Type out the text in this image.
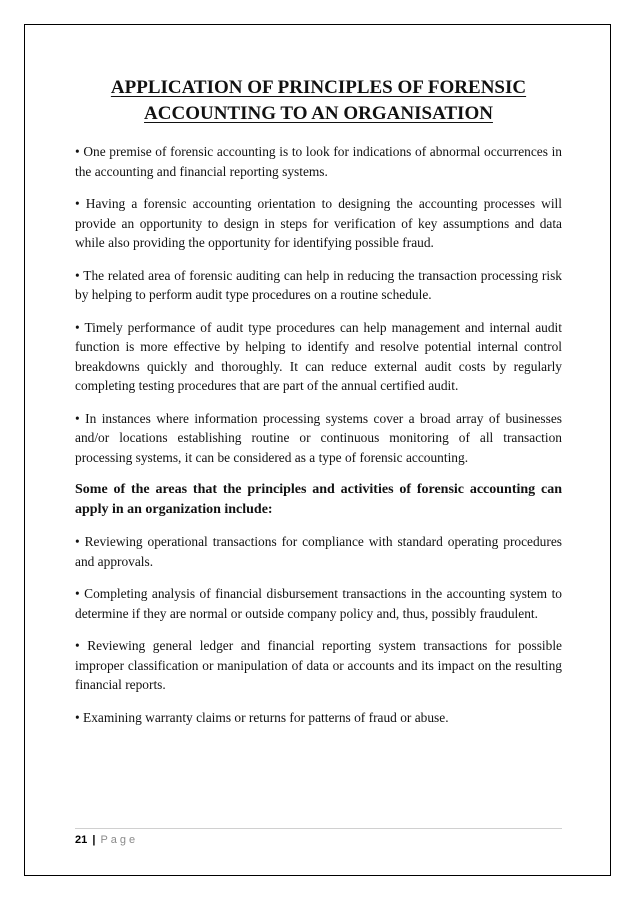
APPLICATION OF PRINCIPLES OF FORENSIC
ACCOUNTING TO AN ORGANISATION

• One premise of forensic accounting is to look for indications of abnormal occurrences in the accounting and financial reporting systems.

• Having a forensic accounting orientation to designing the accounting processes will provide an opportunity to design in steps for verification of key assumptions and data while also providing the opportunity for identifying possible fraud.

• The related area of forensic auditing can help in reducing the transaction processing risk by helping to perform audit type procedures on a routine schedule.

• Timely performance of audit type procedures can help management and internal audit function is more effective by helping to identify and resolve potential internal control breakdowns quickly and thoroughly. It can reduce external audit costs by regularly completing testing procedures that are part of the annual certified audit.

• In instances where information processing systems cover a broad array of businesses and/or locations establishing routine or continuous monitoring of all transaction processing systems, it can be considered as a type of forensic accounting.

Some of the areas that the principles and activities of forensic accounting can apply in an organization include:

• Reviewing operational transactions for compliance with standard operating procedures and approvals.

• Completing analysis of financial disbursement transactions in the accounting system to determine if they are normal or outside company policy and, thus, possibly fraudulent.

• Reviewing general ledger and financial reporting system transactions for possible improper classification or manipulation of data or accounts and its impact on the resulting financial reports.

• Examining warranty claims or returns for patterns of fraud or abuse.

21 | Page
